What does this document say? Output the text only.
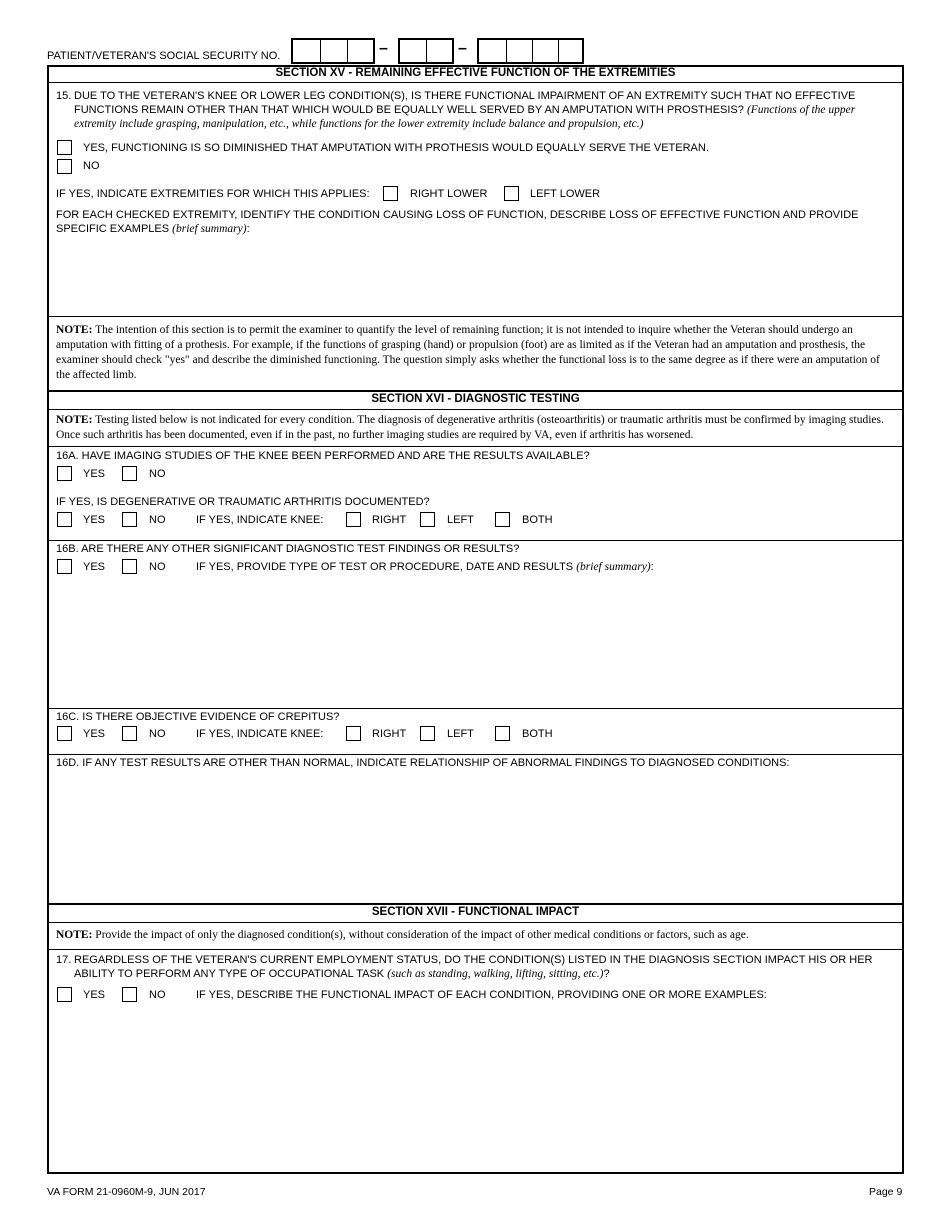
PATIENT/VETERAN'S SOCIAL SECURITY NO.	–	–
SECTION XV - REMAINING EFFECTIVE FUNCTION OF THE EXTREMITIES
15. DUE TO THE VETERAN'S KNEE OR LOWER LEG CONDITION(S), IS THERE FUNCTIONAL IMPAIRMENT OF AN EXTREMITY SUCH THAT NO EFFECTIVE
FUNCTIONS REMAIN OTHER THAN THAT WHICH WOULD BE EQUALLY WELL SERVED BY AN AMPUTATION WITH PROSTHESIS? (Functions of the upper
extremity include grasping, manipulation, etc., while functions for the lower extremity include balance and propulsion, etc.)
YES, FUNCTIONING IS SO DIMINISHED THAT AMPUTATION WITH PROTHESIS WOULD EQUALLY SERVE THE VETERAN.
NO
IF YES, INDICATE EXTREMITIES FOR WHICH THIS APPLIES:	RIGHT LOWER	LEFT LOWER
FOR EACH CHECKED EXTREMITY, IDENTIFY THE CONDITION CAUSING LOSS OF FUNCTION, DESCRIBE LOSS OF EFFECTIVE FUNCTION AND PROVIDE
SPECIFIC EXAMPLES (brief summary):
NOTE: The intention of this section is to permit the examiner to quantify the level of remaining function; it is not intended to inquire whether the Veteran should undergo an amputation with fitting of a prothesis. For example, if the functions of grasping (hand) or propulsion (foot) are as limited as if the Veteran had an amputation and prosthesis, the examiner should check "yes" and describe the diminished functioning. The question simply asks whether the functional loss is to the same degree as if there were an amputation of the affected limb.
SECTION XVI - DIAGNOSTIC TESTING
NOTE: Testing listed below is not indicated for every condition. The diagnosis of degenerative arthritis (osteoarthritis) or traumatic arthritis must be confirmed by imaging studies. Once such arthritis has been documented, even if in the past, no further imaging studies are required by VA, even if arthritis has worsened.
16A. HAVE IMAGING STUDIES OF THE KNEE BEEN PERFORMED AND ARE THE RESULTS AVAILABLE?
YES	NO
IF YES, IS DEGENERATIVE OR TRAUMATIC ARTHRITIS DOCUMENTED?
YES	NO	IF YES, INDICATE KNEE:	RIGHT	LEFT	BOTH
16B. ARE THERE ANY OTHER SIGNIFICANT DIAGNOSTIC TEST FINDINGS OR RESULTS?
YES	NO	IF YES, PROVIDE TYPE OF TEST OR PROCEDURE, DATE AND RESULTS (brief summary):
16C. IS THERE OBJECTIVE EVIDENCE OF CREPITUS?
YES	NO	IF YES, INDICATE KNEE:	RIGHT	LEFT	BOTH
16D. IF ANY TEST RESULTS ARE OTHER THAN NORMAL, INDICATE RELATIONSHIP OF ABNORMAL FINDINGS TO DIAGNOSED CONDITIONS:
SECTION XVII - FUNCTIONAL IMPACT
NOTE: Provide the impact of only the diagnosed condition(s), without consideration of the impact of other medical conditions or factors, such as age.
17. REGARDLESS OF THE VETERAN'S CURRENT EMPLOYMENT STATUS, DO THE CONDITION(S) LISTED IN THE DIAGNOSIS SECTION IMPACT HIS OR HER
ABILITY TO PERFORM ANY TYPE OF OCCUPATIONAL TASK (such as standing, walking, lifting, sitting, etc.)?
YES	NO	IF YES, DESCRIBE THE FUNCTIONAL IMPACT OF EACH CONDITION, PROVIDING ONE OR MORE EXAMPLES:
VA FORM 21-0960M-9, JUN 2017	Page 9
